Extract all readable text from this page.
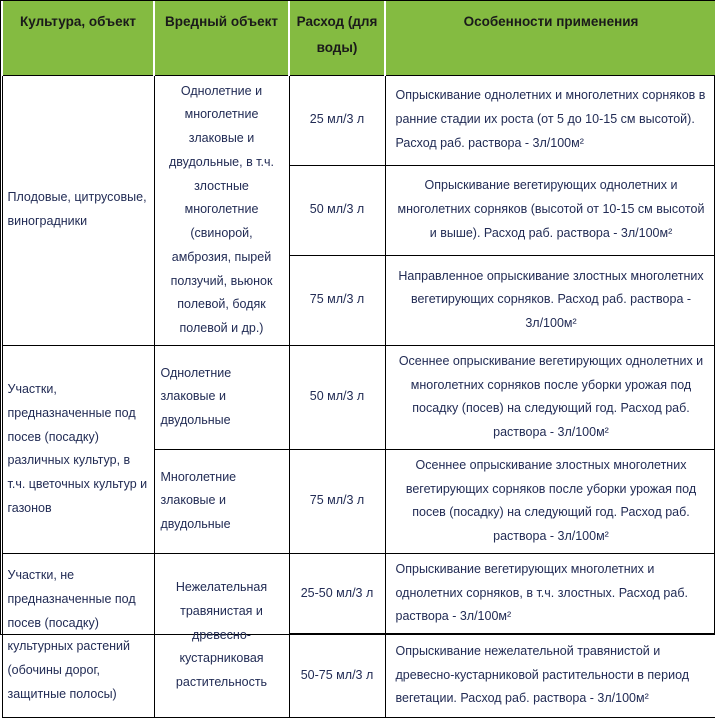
Культура, объект	Вредный объект	Расход (для воды)	Особенности применения
Плодовые, цитрусовые, виноградники	Однолетние и многолетние злаковые и двудольные, в т.ч. злостные многолетние (свинорой, амброзия, пырей ползучий, вьюнок полевой, бодяк полевой и др.)	25 мл/3 л	Опрыскивание однолетних и многолетних сорняков в ранние стадии их роста (от 5 до 10-15 см высотой). Расход раб. раствора - 3л/100м²
		50 мл/3 л	Опрыскивание вегетирующих однолетних и многолетних сорняков (высотой от 10-15 см высотой и выше). Расход раб. раствора - 3л/100м²
		75 мл/3 л	Направленное опрыскивание злостных многолетних вегетирующих сорняков. Расход раб. раствора - 3л/100м²
Участки, предназначенные под посев (посадку) различных культур, в т.ч. цветочных культур и газонов	Однолетние злаковые и двудольные	50 мл/3 л	Осеннее опрыскивание вегетирующих однолетних и многолетних сорняков после уборки урожая под посадку (посев) на следующий год. Расход раб. раствора - 3л/100м²
	Многолетние злаковые и двудольные	75 мл/3 л	Осеннее опрыскивание злостных многолетних вегетирующих сорняков после уборки урожая под посев (посадку) на следующий год. Расход раб. раствора - 3л/100м²
Участки, не предназначенные под посев (посадку) культурных растений (обочины дорог, защитные полосы)	Нежелательная травянистая и древесно-кустарниковая растительность	25-50 мл/3 л	Опрыскивание вегетирующих многолетних и однолетних сорняков, в т.ч. злостных. Расход раб. раствора - 3л/100м²
		50-75 мл/3 л	Опрыскивание нежелательной травянистой и древесно-кустарниковой растительности в период вегетации. Расход раб. раствора - 3л/100м²
